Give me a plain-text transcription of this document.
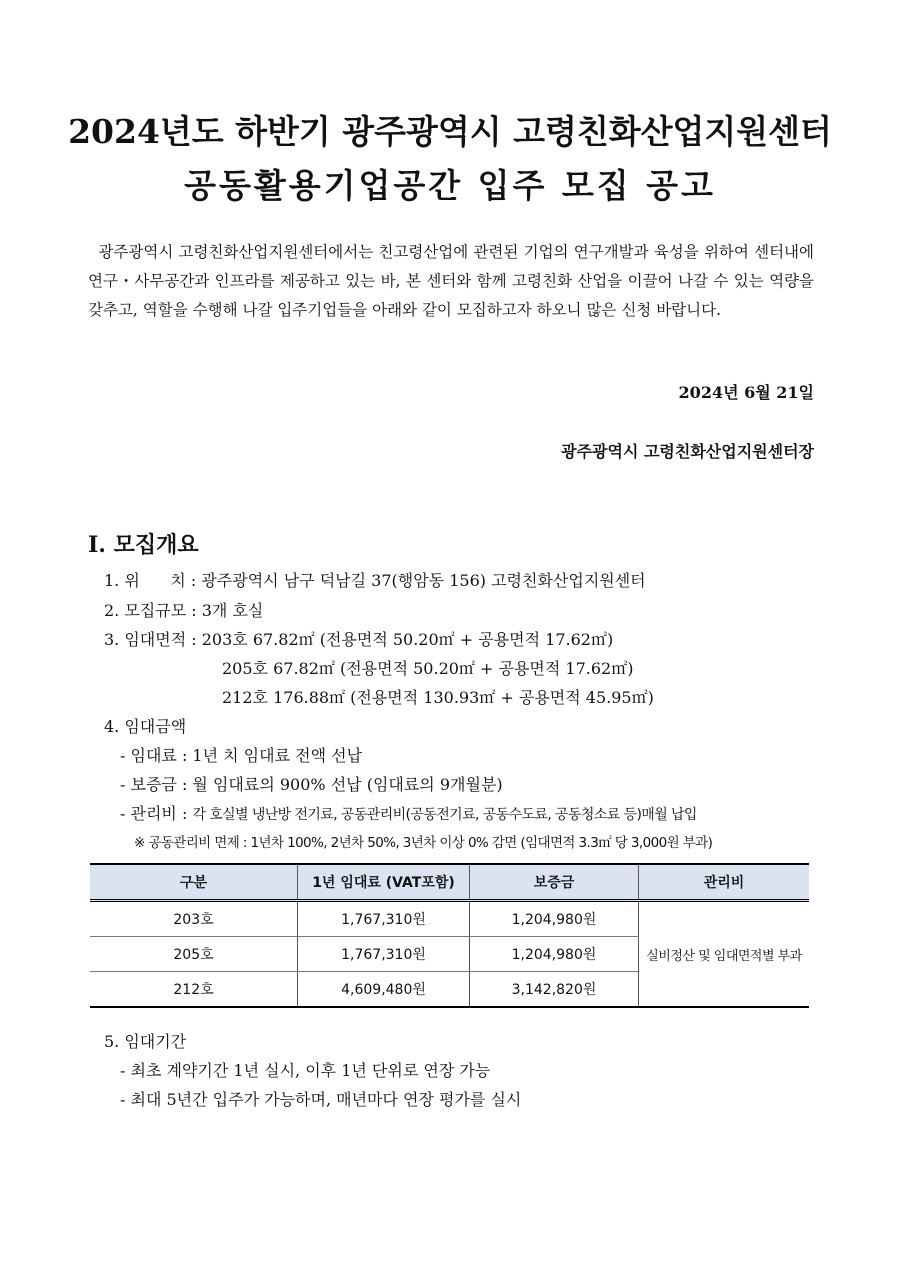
2024년도 하반기 광주광역시 고령친화산업지원센터
공동활용기업공간 입주 모집 공고
광주광역시 고령친화산업지원센터에서는 친고령산업에 관련된 기업의 연구개발과 육성을 위하여 센터내에 연구・사무공간과 인프라를 제공하고 있는 바, 본 센터와 함께 고령친화 산업을 이끌어 나갈 수 있는 역량을 갖추고, 역할을 수행해 나갈 입주기업들을 아래와 같이 모집하고자 하오니 많은 신청 바랍니다.
2024년 6월 21일
광주광역시 고령친화산업지원센터장
Ⅰ. 모집개요
1. 위      치 : 광주광역시 남구 덕남길 37(행암동 156) 고령친화산업지원센터
2. 모집규모 : 3개 호실
3. 임대면적 : 203호 67.82㎡ (전용면적 50.20㎡ + 공용면적 17.62㎡)
205호 67.82㎡ (전용면적 50.20㎡ + 공용면적 17.62㎡)
212호 176.88㎡ (전용면적 130.93㎡ + 공용면적 45.95㎡)
4. 임대금액
- 임대료 : 1년 치 임대료 전액 선납
- 보증금 : 월 임대료의 900% 선납 (임대료의 9개월분)
- 관리비 : 각 호실별 냉난방 전기료, 공동관리비(공동전기료, 공동수도료, 공동청소료 등)매월 납입
※ 공동관리비 면제 : 1년차 100%, 2년차 50%, 3년차 이상 0% 감면 (임대면적 3.3㎡ 당 3,000원 부과)
구분	1년 임대료 (VAT포함)	보증금	관리비
203호	1,767,310원	1,204,980원	실비정산 및 임대면적별 부과
205호	1,767,310원	1,204,980원	
212호	4,609,480원	3,142,820원	
5. 임대기간
- 최초 계약기간 1년 실시, 이후 1년 단위로 연장 가능
- 최대 5년간 입주가 가능하며, 매년마다 연장 평가를 실시
